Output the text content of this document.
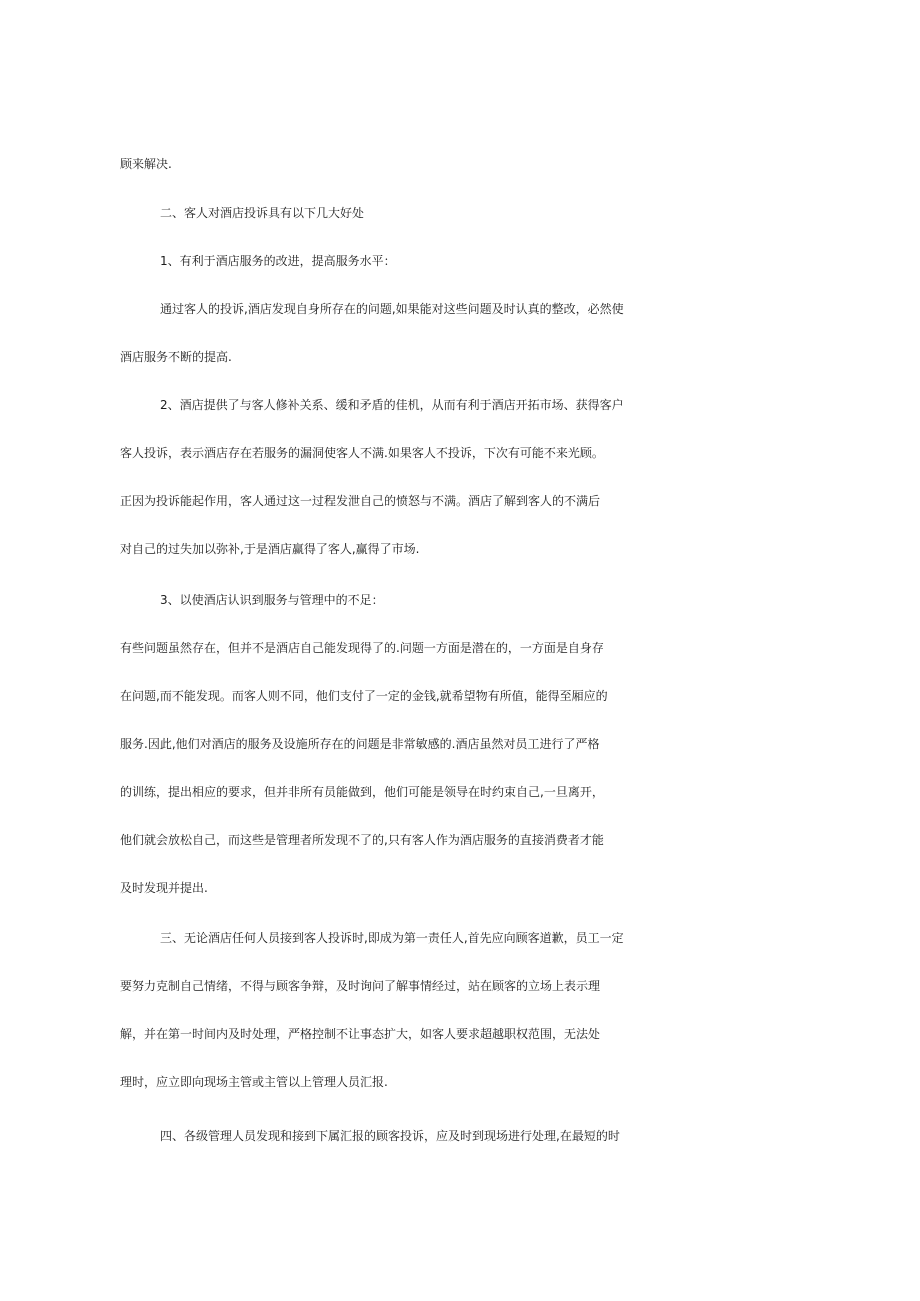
顾来解决.
二、客人对酒店投诉具有以下几大好处
1、有利于酒店服务的改进，提高服务水平：
通过客人的投诉,酒店发现自身所存在的问题,如果能对这些问题及时认真的整改，必然使
酒店服务不断的提高.
2、酒店提供了与客人修补关系、缓和矛盾的佳机，从而有利于酒店开拓市场、获得客户
客人投诉，表示酒店存在若服务的漏洞使客人不满.如果客人不投诉，下次有可能不来光顾。
正因为投诉能起作用，客人通过这一过程发泄自己的愤怒与不满。酒店了解到客人的不满后
对自己的过失加以弥补,于是酒店赢得了客人,赢得了市场.
3、以使酒店认识到服务与管理中的不足：
有些问题虽然存在，但并不是酒店自己能发现得了的.问题一方面是潜在的，一方面是自身存
在问题,而不能发现。而客人则不同，他们支付了一定的金钱,就希望物有所值，能得至厢应的
服务.因此,他们对酒店的服务及设施所存在的问题是非常敏感的.酒店虽然对员工进行了严格
的训练，提出相应的要求，但并非所有员能做到，他们可能是领导在时约束自己,一旦离开，
他们就会放松自己，而这些是管理者所发现不了的,只有客人作为酒店服务的直接消费者才能
及时发现并提出.
三、无论酒店任何人员接到客人投诉时,即成为第一责任人,首先应向顾客道歉，员工一定
要努力克制自己情绪，不得与顾客争辩，及时询问了解事情经过，站在顾客的立场上表示理
解，并在第一时间内及时处理，严格控制不让事态扩大，如客人要求超越职权范围，无法处
理时，应立即向现场主管或主管以上管理人员汇报.
四、各级管理人员发现和接到下属汇报的顾客投诉，应及时到现场进行处理,在最短的时
